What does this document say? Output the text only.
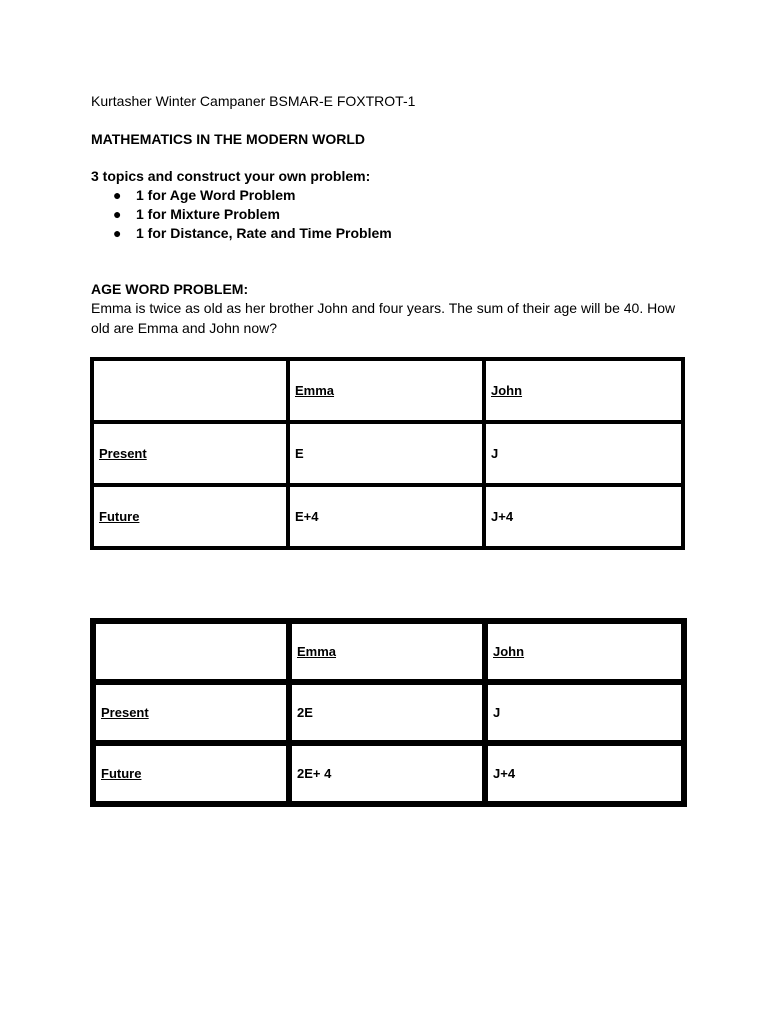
Kurtasher Winter Campaner BSMAR-E FOXTROT-1
MATHEMATICS IN THE MODERN WORLD
3 topics and construct your own problem:
● 1 for Age Word Problem
● 1 for Mixture Problem
● 1 for Distance, Rate and Time Problem
AGE WORD PROBLEM:
Emma is twice as old as her brother John and four years. The sum of their age will be 40. How old are Emma and John now?
	Emma	John
Present	E	J
Future	E+4	J+4
	Emma	John
Present	2E	J
Future	2E+ 4	J+4
